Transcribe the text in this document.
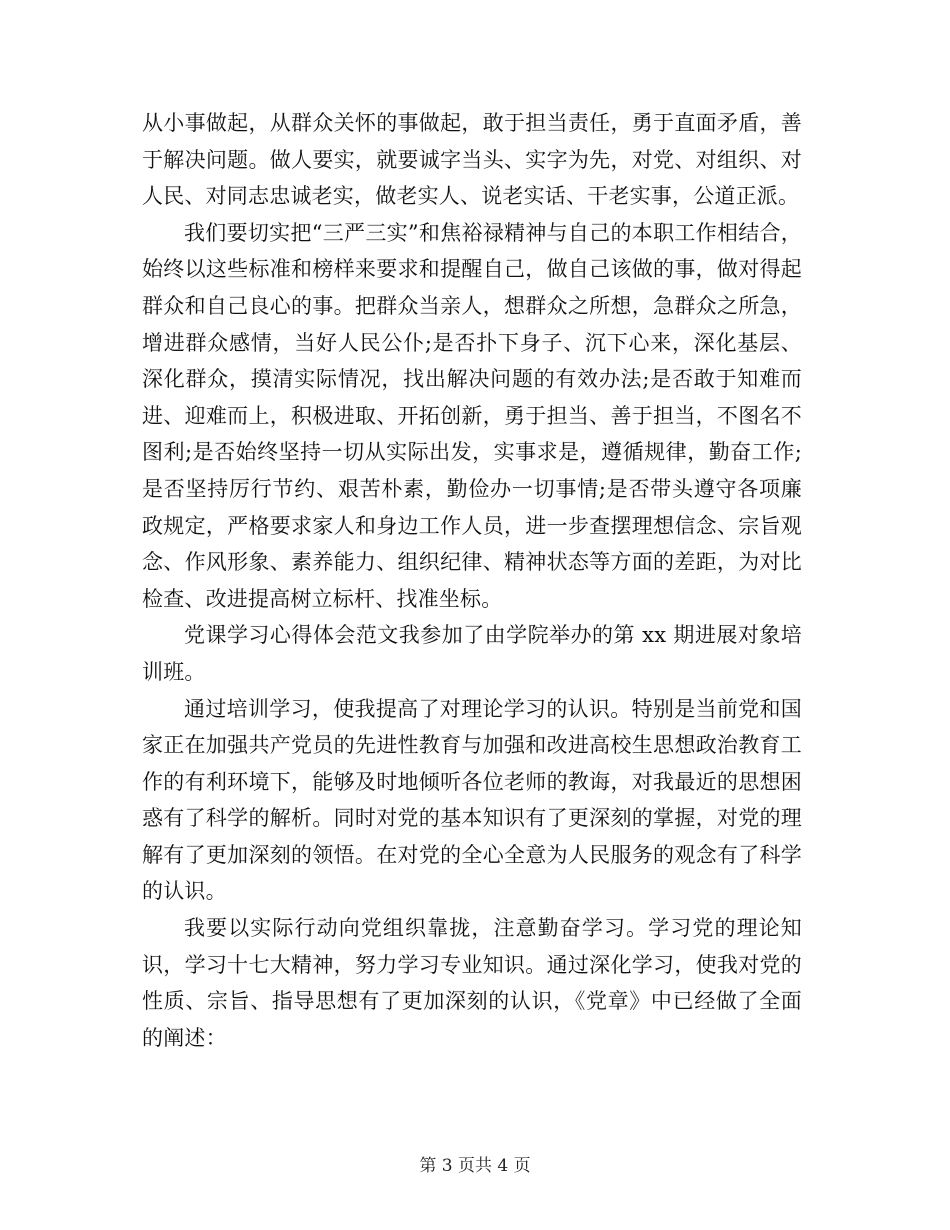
从小事做起，从群众关怀的事做起，敢于担当责任，勇于直面矛盾，善于解决问题。做人要实，就要诚字当头、实字为先，对党、对组织、对人民、对同志忠诚老实，做老实人、说老实话、干老实事，公道正派。

我们要切实把“三严三实”和焦裕禄精神与自己的本职工作相结合，始终以这些标准和榜样来要求和提醒自己，做自己该做的事，做对得起群众和自己良心的事。把群众当亲人，想群众之所想，急群众之所急，增进群众感情，当好人民公仆;是否扑下身子、沉下心来，深化基层、深化群众，摸清实际情况，找出解决问题的有效办法;是否敢于知难而进、迎难而上，积极进取、开拓创新，勇于担当、善于担当，不图名不图利;是否始终坚持一切从实际出发，实事求是，遵循规律，勤奋工作;是否坚持厉行节约、艰苦朴素，勤俭办一切事情;是否带头遵守各项廉政规定，严格要求家人和身边工作人员，进一步查摆理想信念、宗旨观念、作风形象、素养能力、组织纪律、精神状态等方面的差距，为对比检查、改进提高树立标杆、找准坐标。

党课学习心得体会范文我参加了由学院举办的第 xx 期进展对象培训班。

通过培训学习，使我提高了对理论学习的认识。特别是当前党和国家正在加强共产党员的先进性教育与加强和改进高校生思想政治教育工作的有利环境下，能够及时地倾听各位老师的教诲，对我最近的思想困惑有了科学的解析。同时对党的基本知识有了更深刻的掌握，对党的理解有了更加深刻的领悟。在对党的全心全意为人民服务的观念有了科学的认识。

我要以实际行动向党组织靠拢，注意勤奋学习。学习党的理论知识，学习十七大精神，努力学习专业知识。通过深化学习，使我对党的性质、宗旨、指导思想有了更加深刻的认识，《党章》中已经做了全面的阐述：

第 3 页共 4 页
